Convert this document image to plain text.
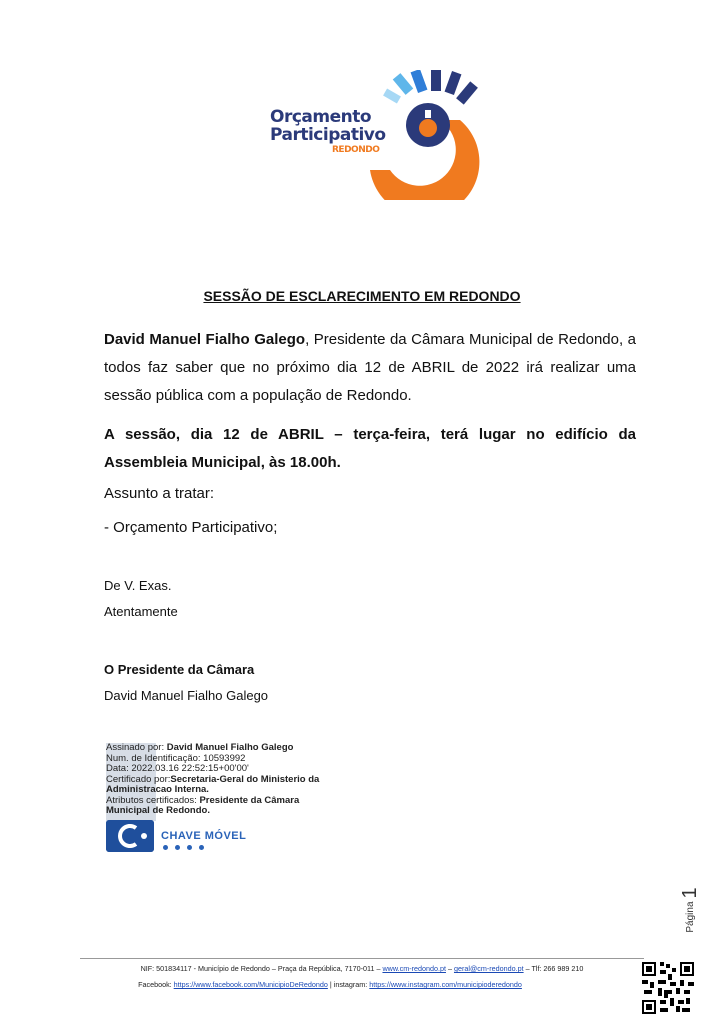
Orçamento
Participativo
REDONDO
SESSÃO DE ESCLARECIMENTO EM REDONDO
David Manuel Fialho Galego, Presidente da Câmara Municipal de Redondo, a todos faz saber que no próximo dia 12 de ABRIL de 2022 irá realizar uma sessão pública com a população de Redondo.
A sessão, dia 12 de ABRIL – terça-feira, terá lugar no edifício da Assembleia Municipal, às 18.00h.
Assunto a tratar:
- Orçamento Participativo;
De V. Exas.
Atentamente
O Presidente da Câmara
David Manuel Fialho Galego
Assinado por: David Manuel Fialho Galego
Num. de Identificação: 10593992
Data: 2022.03.16 22:52:15+00'00'
Certificado por:Secretaria-Geral do Ministerio da
Administracao Interna.
Atributos certificados: Presidente da Câmara
Municipal de Redondo.
CHAVE MÓVEL
Página
1
NIF: 501834117 - Município de Redondo – Praça da República, 7170-011 – www.cm-redondo.pt – geral@cm-redondo.pt – Tlf: 266 989 210
Facebook: https://www.facebook.com/MunicipioDeRedondo | instagram: https://www.instagram.com/municipioderedondo
